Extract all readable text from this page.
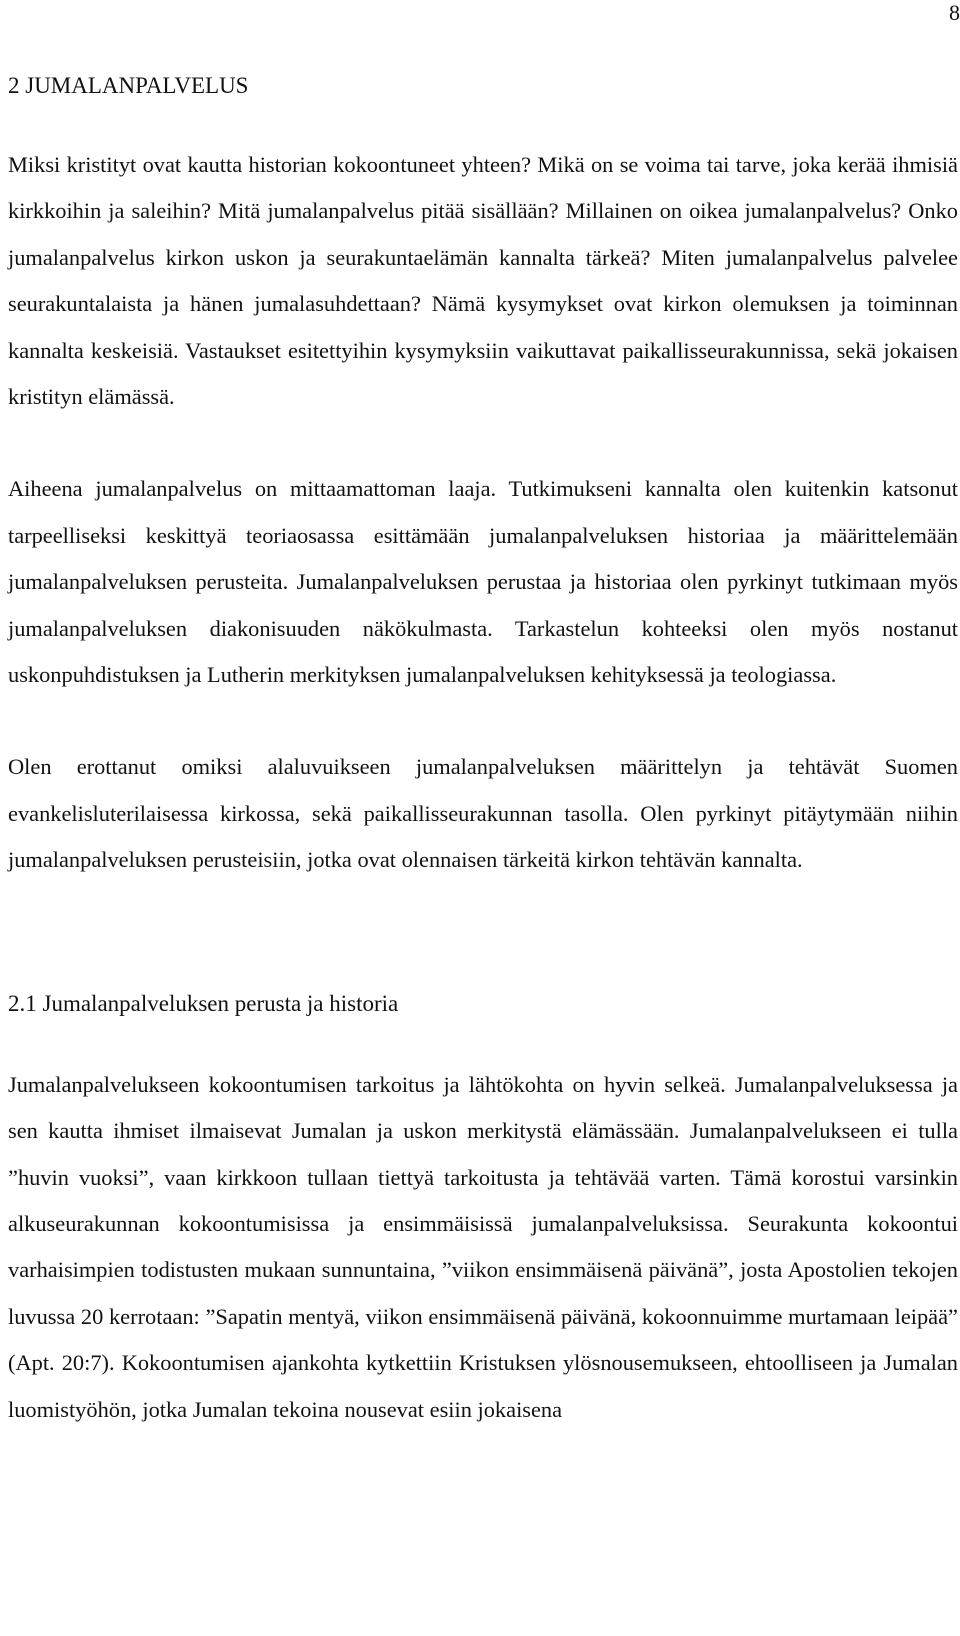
8
2 JUMALANPALVELUS

Miksi kristityt ovat kautta historian kokoontuneet yhteen? Mikä on se voima tai tarve, joka kerää ihmisiä kirkkoihin ja saleihin? Mitä jumalanpalvelus pitää sisällään? Millainen on oikea jumalanpalvelus? Onko jumalanpalvelus kirkon uskon ja seurakuntaelämän kannalta tärkeä? Miten jumalanpalvelus palvelee seurakuntalaista ja hänen jumalasuhdettaan? Nämä kysymykset ovat kirkon olemuksen ja toiminnan kannalta keskeisiä. Vastaukset esitettyihin kysymyksiin vaikuttavat paikallisseurakunnissa, sekä jokaisen kristityn elämässä.

Aiheena jumalanpalvelus on mittaamattoman laaja. Tutkimukseni kannalta olen kuitenkin katsonut tarpeelliseksi keskittyä teoriaosassa esittämään jumalanpalveluksen historiaa ja määrittelemään jumalanpalveluksen perusteita. Jumalanpalveluksen perustaa ja historiaa olen pyrkinyt tutkimaan myös jumalanpalveluksen diakonisuuden näkökulmasta. Tarkastelun kohteeksi olen myös nostanut uskonpuhdistuksen ja Lutherin merkityksen jumalanpalveluksen kehityksessä ja teologiassa.

Olen erottanut omiksi alaluvuikseen jumalanpalveluksen määrittelyn ja tehtävät Suomen evankelisluterilaisessa kirkossa, sekä paikallisseurakunnan tasolla. Olen pyrkinyt pitäytymään niihin jumalanpalveluksen perusteisiin, jotka ovat olennaisen tärkeitä kirkon tehtävän kannalta.

2.1 Jumalanpalveluksen perusta ja historia

Jumalanpalvelukseen kokoontumisen tarkoitus ja lähtökohta on hyvin selkeä. Jumalanpalveluksessa ja sen kautta ihmiset ilmaisevat Jumalan ja uskon merkitystä elämässään. Jumalanpalvelukseen ei tulla ”huvin vuoksi”, vaan kirkkoon tullaan tiettyä tarkoitusta ja tehtävää varten. Tämä korostui varsinkin alkuseurakunnan kokoontumisissa ja ensimmäisissä jumalanpalveluksissa. Seurakunta kokoontui varhaisimpien todistusten mukaan sunnuntaina, ”viikon ensimmäisenä päivänä”, josta Apostolien tekojen luvussa 20 kerrotaan: ”Sapatin mentyä, viikon ensimmäisenä päivänä, kokoonnuimme murtamaan leipää” (Apt. 20:7). Kokoontumisen ajankohta kytkettiin Kristuksen ylösnousemukseen, ehtoolliseen ja Jumalan luomistyöhön, jotka Jumalan tekoina nousevat esiin jokaisena
